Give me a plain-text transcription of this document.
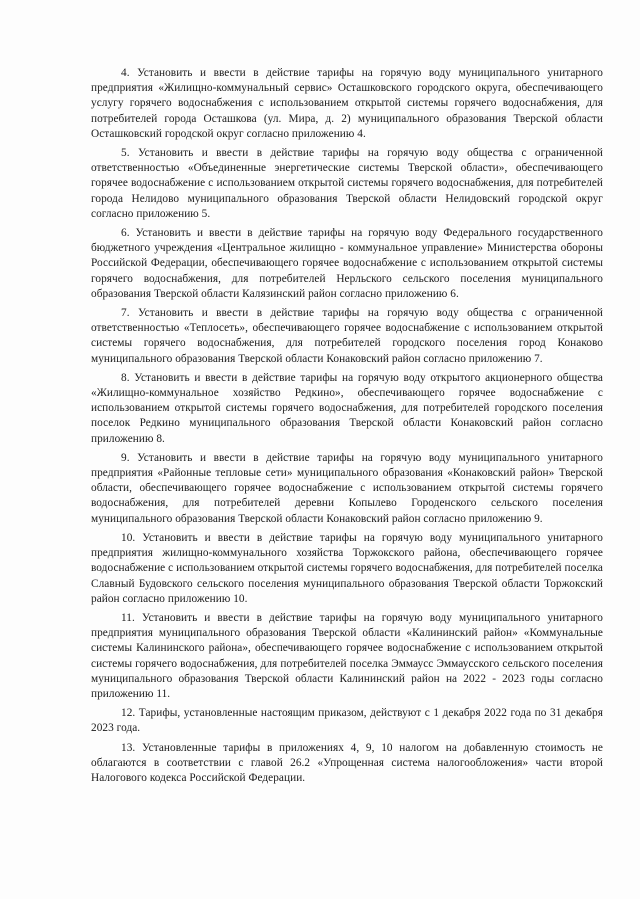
4. Установить и ввести в действие тарифы на горячую воду муниципального унитарного предприятия «Жилищно-коммунальный сервис» Осташковского городского округа, обеспечивающего услугу горячего водоснабжения с использованием открытой системы горячего водоснабжения, для потребителей города Осташкова (ул. Мира, д. 2) муниципального образования Тверской области Осташковский городской округ согласно приложению 4.

5. Установить и ввести в действие тарифы на горячую воду общества с ограниченной ответственностью «Объединенные энергетические системы Тверской области», обеспечивающего горячее водоснабжение с использованием открытой системы горячего водоснабжения, для потребителей города Нелидово муниципального образования Тверской области Нелидовский городской округ согласно приложению 5.

6. Установить и ввести в действие тарифы на горячую воду Федерального государственного бюджетного учреждения «Центральное жилищно - коммунальное управление» Министерства обороны Российской Федерации, обеспечивающего горячее водоснабжение с использованием открытой системы горячего водоснабжения, для потребителей Нерльского сельского поселения муниципального образования Тверской области Калязинский район согласно приложению 6.

7. Установить и ввести в действие тарифы на горячую воду общества с ограниченной ответственностью «Теплосеть», обеспечивающего горячее водоснабжение с использованием открытой системы горячего водоснабжения, для потребителей городского поселения город Конаково муниципального образования Тверской области Конаковский район согласно приложению 7.

8. Установить и ввести в действие тарифы на горячую воду открытого акционерного общества «Жилищно-коммунальное хозяйство Редкино», обеспечивающего горячее водоснабжение с использованием открытой системы горячего водоснабжения, для потребителей городского поселения поселок Редкино муниципального образования Тверской области Конаковский район согласно приложению 8.

9. Установить и ввести в действие тарифы на горячую воду муниципального унитарного предприятия «Районные тепловые сети» муниципального образования «Конаковский район» Тверской области, обеспечивающего горячее водоснабжение с использованием открытой системы горячего водоснабжения, для потребителей деревни Копылево Городенского сельского поселения муниципального образования Тверской области Конаковский район согласно приложению 9.

10. Установить и ввести в действие тарифы на горячую воду муниципального унитарного предприятия жилищно-коммунального хозяйства Торжокского района, обеспечивающего горячее водоснабжение с использованием открытой системы горячего водоснабжения, для потребителей поселка Славный Будовского сельского поселения муниципального образования Тверской области Торжокский район согласно приложению 10.

11. Установить и ввести в действие тарифы на горячую воду муниципального унитарного предприятия муниципального образования Тверской области «Калининский район» «Коммунальные системы Калининского района», обеспечивающего горячее водоснабжение с использованием открытой системы горячего водоснабжения, для потребителей поселка Эммаусс Эммаусского сельского поселения муниципального образования Тверской области Калининский район на 2022 - 2023 годы согласно приложению 11.

12. Тарифы, установленные настоящим приказом, действуют с 1 декабря 2022 года по 31 декабря 2023 года.

13. Установленные тарифы в приложениях 4, 9, 10 налогом на добавленную стоимость не облагаются в соответствии с главой 26.2 «Упрощенная система налогообложения» части второй Налогового кодекса Российской Федерации.
